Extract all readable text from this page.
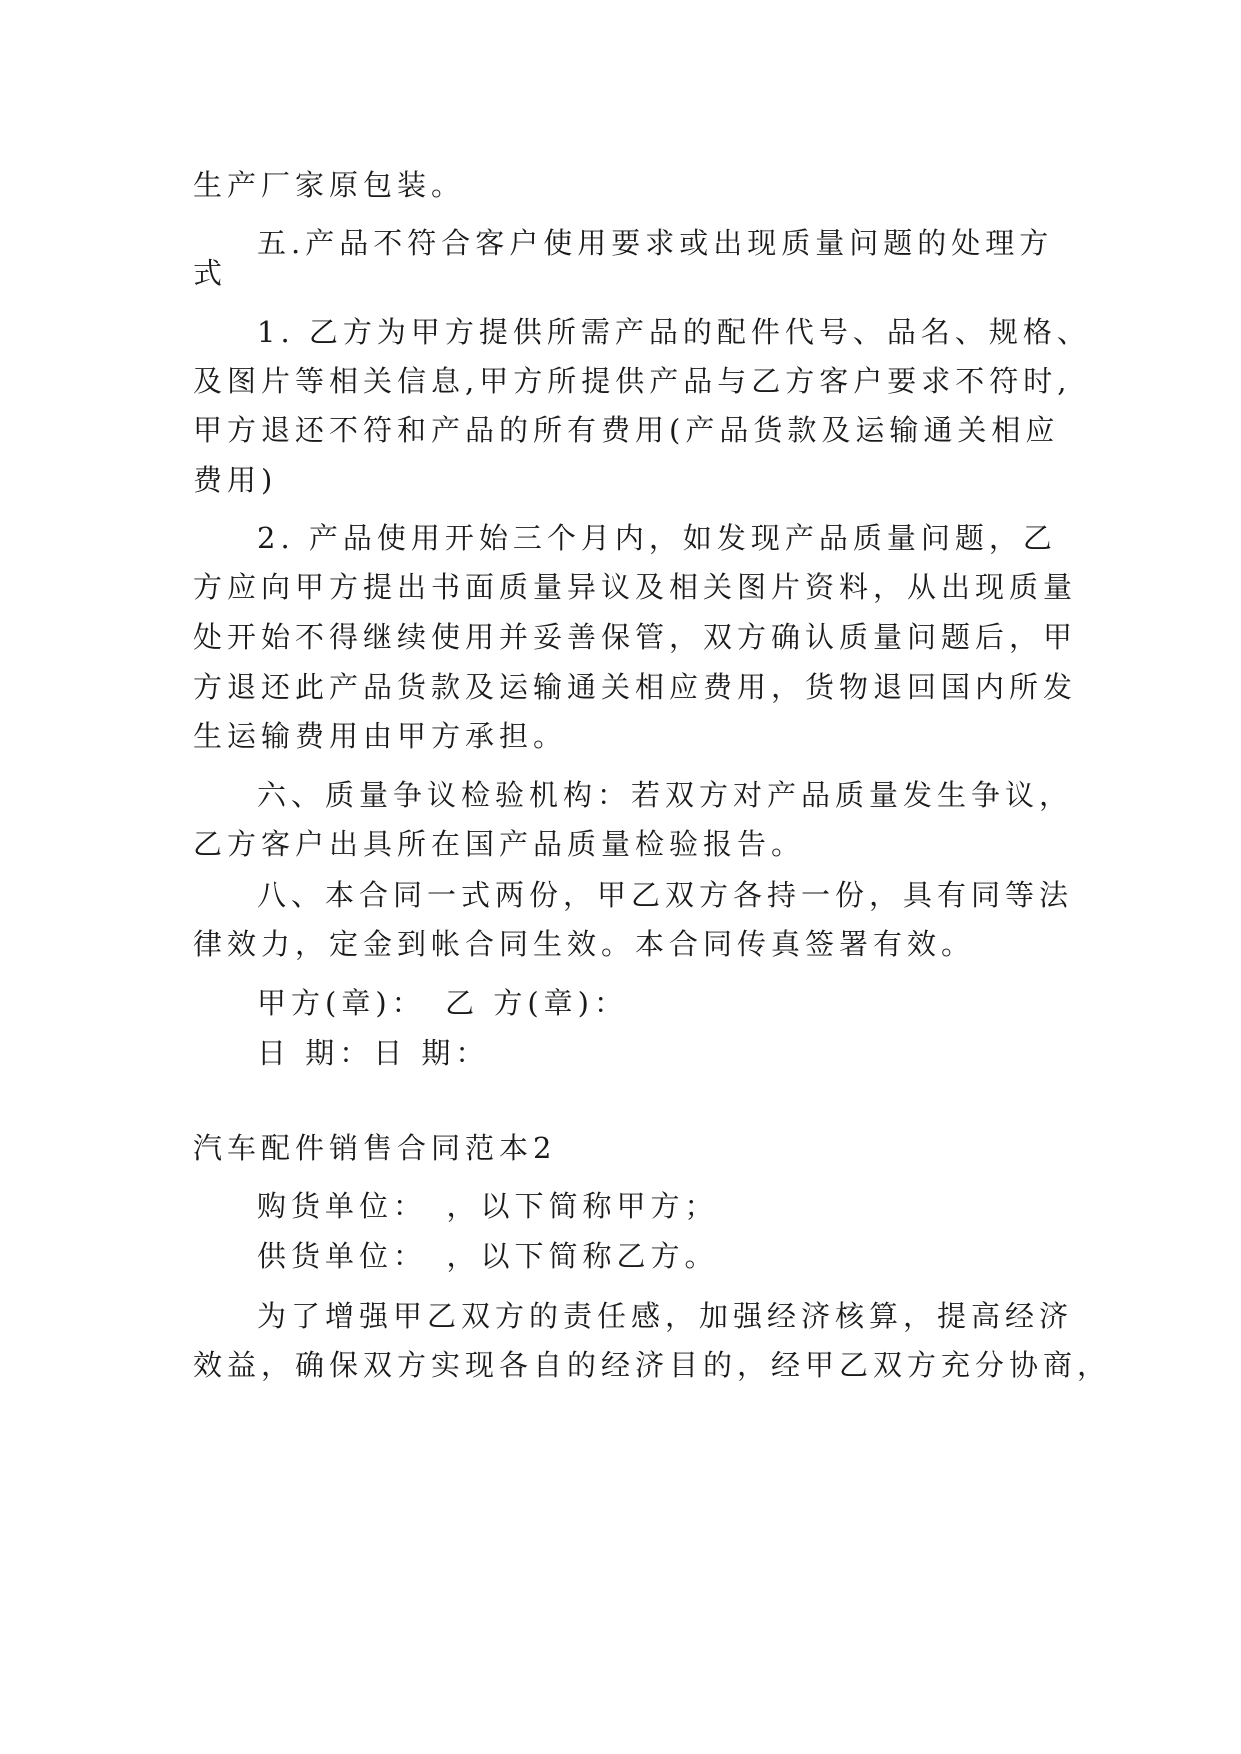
生产厂家原包装。
五.产品不符合客户使用要求或出现质量问题的处理方
式
1. 乙方为甲方提供所需产品的配件代号、品名、规格、
及图片等相关信息,甲方所提供产品与乙方客户要求不符时,
甲方退还不符和产品的所有费用(产品货款及运输通关相应
费用)
2. 产品使用开始三个月内，如发现产品质量问题，乙
方应向甲方提出书面质量异议及相关图片资料，从出现质量
处开始不得继续使用并妥善保管，双方确认质量问题后，甲
方退还此产品货款及运输通关相应费用，货物退回国内所发
生运输费用由甲方承担。
六、质量争议检验机构：若双方对产品质量发生争议，
乙方客户出具所在国产品质量检验报告。
八、本合同一式两份，甲乙双方各持一份，具有同等法
律效力，定金到帐合同生效。本合同传真签署有效。
甲方(章)：　乙 方(章)：
日 期：日 期：
汽车配件销售合同范本2
购货单位：　，以下简称甲方；
供货单位：　，以下简称乙方。
为了增强甲乙双方的责任感，加强经济核算，提高经济
效益，确保双方实现各自的经济目的，经甲乙双方充分协商，
